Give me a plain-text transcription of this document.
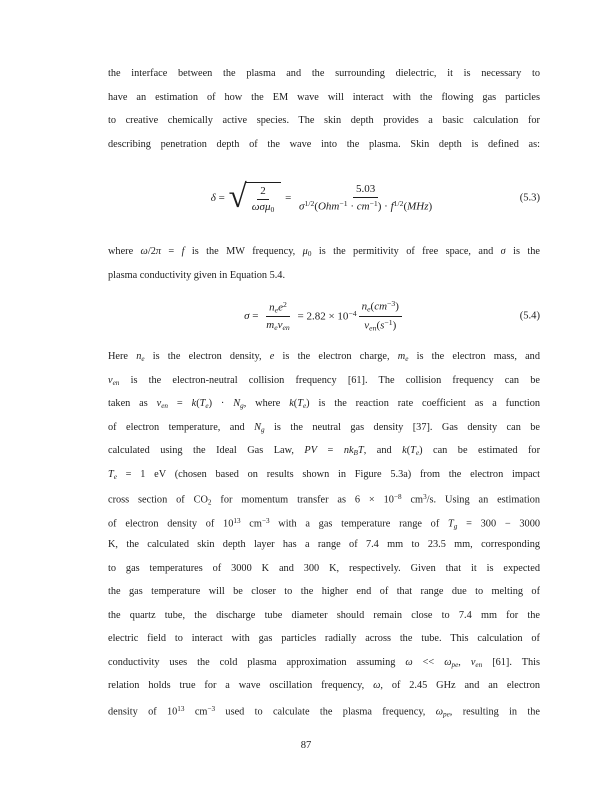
the interface between the plasma and the surrounding dielectric, it is necessary to
have an estimation of how the EM wave will interact with the flowing gas particles
to creative chemically active species. The skin depth provides a basic calculation for
describing penetration depth of the wave into the plasma. Skin depth is defined as:
δ = √ $\frac{2}{\text{ωσμ0}} = \frac{5.03}{\sigma^{1/2}(Ohm^{-1} \cdot cm^{-1}) \cdot f^{1/2}(MHz)}$	(5.3)
where ω/2π = f is the MW frequency, μ0 is the permitivity of free space, and σ is the
plasma conductivity given in Equation 5.4.
$\sigma = \frac{nee^2}{\text{meνen}} = 2.82 \times 10^{-4} \frac{ne(cm^{-3})}{\nu en(s^{-1})}$	(5.4)
Here ne is the electron density, e is the electron charge, me is the electron mass, and
νen is the electron-neutral collision frequency [61]. The collision frequency can be
taken as νen = k(Te) · Ng, where k(Te) is the reaction rate coefficient as a function
of electron temperature, and Ng is the neutral gas density [37]. Gas density can be
calculated using the Ideal Gas Law, PV = nkBT, and k(Te) can be estimated for
Te = 1 eV (chosen based on results shown in Figure 5.3a) from the electron impact
cross section of CO2 for momentum transfer as $6 \times 10^{-8}$ $cm^3/s$. Using an estimation
of electron density of $10^{13}$ $cm^{-3}$ with a gas temperature range of Tg = 300 − 3000
K, the calculated skin depth layer has a range of 7.4 mm to 23.5 mm, corresponding
to gas temperatures of 3000 K and 300 K, respectively. Given that it is expected
the gas temperature will be closer to the higher end of that range due to melting of
the quartz tube, the discharge tube diameter should remain close to 7.4 mm for the
electric field to interact with gas particles radially across the tube. This calculation of
conductivity uses the cold plasma approximation assuming ω << ωpe, νen [61]. This
relation holds true for a wave oscillation frequency, ω, of 2.45 GHz and an electron
density of $10^{13}$ $cm^{-3}$ used to calculate the plasma frequency, ωpe, resulting in the
87
